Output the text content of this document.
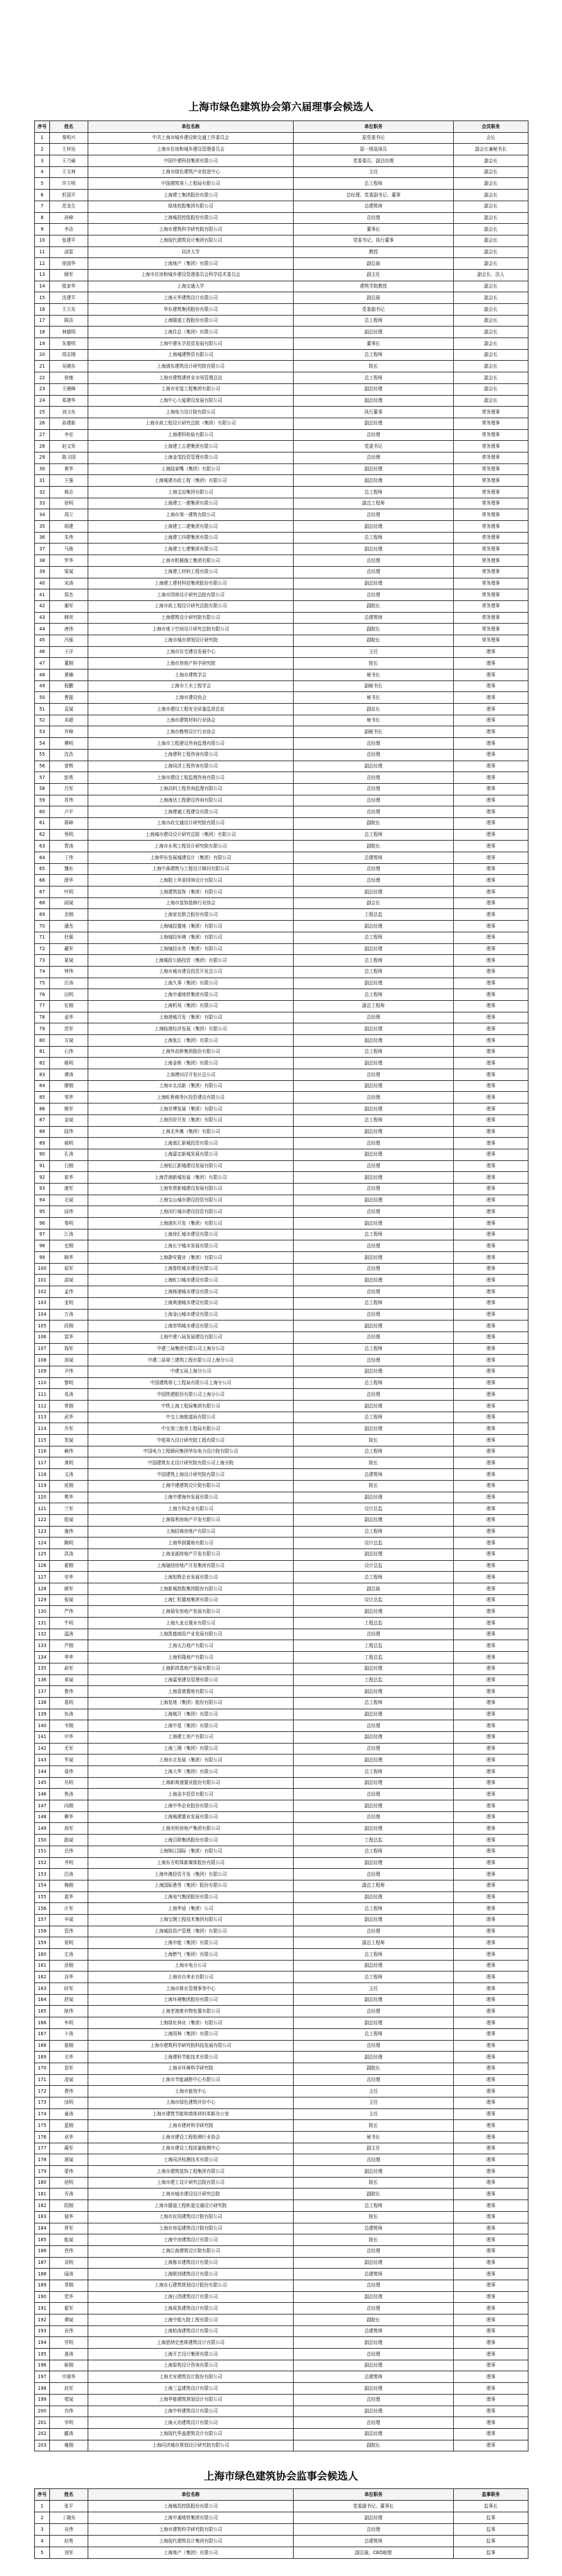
上海市绿色建筑协会第六届理事会候选人
序号	姓名	单位名称	单位职务	会员职务
1	秦明兴	中共上海市城乡建设和交通工作委员会	原党委书记	会长
2	王仲达	上海市住房和城乡建设管理委员会	原一级巡视员	副会长兼秘书长
3	王乃瑜	中国中建科技集团有限公司	党委委员、副总经理	副会长
4	王文林	上海市绿色建筑产业促进中心	主任	副会长
5	许立明	中国建筑第八工程局有限公司	总工程师	副会长
6	忻国平	上海建工集团股份有限公司	总经理、党委副书记、董事	副会长
7	范龙生	绿地控股集团有限公司	总建筑师	副会长
8	孙峰	上海城投控股股份有限公司	总经理	副会长
9	李洁	上海市建筑科学研究院有限公司	董事长	副会长
10	张建平	上海现代建筑设计集团有限公司	党委书记、执行董事	副会长
11	邵雷	同济大学	教授	副会长
12	徐国华	上海地产（集团）有限公司	副总裁	副会长
13	顾军	上海市住房和城乡建设管理委员会科学技术委员会	副主任	副会长、法人
14	殷家华	上海交通大学	建筑学院教授	副会长
15	沈建平	上海天华建筑设计有限公司	副总裁	副会长
16	王立东	华东建筑集团股份有限公司	党委副书记	副会长
17	陈洁	上海隧道工程股份有限公司	总工程师	副会长
18	林德明	上海住总（集团）有限公司	副总经理	副会长
19	朱黎明	上海中建东孚投资发展有限公司	董事长	副会长
20	周志刚	上海城建物资有限公司	总工程师	副会长
21	吴晓东	上海浦东建筑设计研究院有限公司	院长	副会长
22	徐康	上海市建筑建材业市场管理总站	总工程师	副会长
23	王晓峰	上海市安装工程集团有限公司	副总经理	副会长
24	郑建华	上海中心大厦建设发展有限公司	副总经理	副会长
25	刘卫东	上海电力设计院有限公司	执行董事	常务理事
26	孙建新	上海市政工程设计研究总院（集团）有限公司	副总经理	常务理事
27	李宏	上海建科检验有限公司	总经理	常务理事
28	赵文军	上海建工五建集团有限公司	党委书记	常务理事
29	陈卫国	上海金茂投资管理有限公司	总经理	常务理事
30	黄华	上海陆家嘴（集团）有限公司	副总经理	常务理事
31	王强	上海城建市政工程（集团）有限公司	副总经理	常务理事
32	杨志	上海宝冶集团有限公司	总工程师	常务理事
33	徐明	上海建工一建集团有限公司	副总工程师	常务理事
34	周立	上海市第一建筑有限公司	总经理	常务理事
35	胡建	上海建工二建集团有限公司	副总经理	常务理事
36	朱伟	上海建工四建集团有限公司	总工程师	常务理事
37	马骏	上海建工七建集团有限公司	副总经理	常务理事
38	罗华	上海市机械施工集团有限公司	总经理	常务理事
39	梁斌	上海建工材料工程有限公司	总经理	常务理事
40	宋涛	上海建工建材科技集团股份有限公司	副总经理	常务理事
41	郑杰	上海市园林设计研究总院有限公司	总经理	常务理事
42	谢军	上海市政工程设计研究总院有限公司	副院长	常务理事
43	韩亮	上海建筑设计研究院有限公司	总建筑师	常务理事
44	唐伟	上海市地下空间设计研究总院有限公司	副院长	常务理事
45	冯强	上海市城市规划设计研究院	副院长	常务理事
46	于洋	上海市住宅建设发展中心	主任	理事
47	董刚	上海市房地产科学研究院	院长	理事
48	萧楠	上海市建筑学会	秘书长	理事
49	程鹏	上海市土木工程学会	副秘书长	理事
50	曹磊	上海市建设协会	秘书长	理事
51	袁斌	上海市建设工程安全质量监督总站	副站长	理事
52	邓超	上海市建筑材料行业协会	秘书长	理事
53	许峰	上海市勘察设计行业协会	副秘书长	理事
54	傅明	上海市工程建设咨询监理有限公司	总经理	理事
55	沈浩	上海建科工程咨询有限公司	总经理	理事
56	曾辉	上海同济工程咨询有限公司	副总经理	理事
57	彭勇	上海市建设工程监理咨询有限公司	总经理	理事
58	吕军	上海高科工程咨询监理有限公司	总经理	理事
59	苏伟	上海海达工程建设咨询有限公司	总经理	理事
60	卢平	上海建通工程建设有限公司	总经理	理事
61	蒋峰	上海市政交通设计研究院有限公司	副院长	理事
62	蔡明	上海城市建设设计研究总院（集团）有限公司	总工程师	理事
63	贾涛	上海市水利工程设计研究院有限公司	副院长	理事
64	丁伟	上海华东发展城建设计（集团）有限公司	总建筑师	理事
65	魏东	上海中森建筑与工程设计顾问有限公司	总经理	理事
66	薛华	上海院士风景园林设计有限公司	总经理	理事
67	叶明	上海建筑装饰（集团）有限公司	副总经理	理事
68	阎斌	上海市装饰装修行业协会	副会长	理事
69	余刚	上海家化联合股份有限公司	工程总监	理事
70	潘杰	上海城投置地（集团）有限公司	副总经理	理事
71	杜强	上海城投环境（集团）有限公司	总工程师	理事
72	戴军	上海城投水务（集团）有限公司	副总经理	理事
73	夏斌	上海城投公路投资（集团）有限公司	总工程师	理事
74	钟伟	上海市城市建设投资开发总公司	总工程师	理事
75	汪涛	上海久事（集团）有限公司	副总经理	理事
76	田明	上海申通地铁集团有限公司	总工程师	理事
77	任刚	上海机场（集团）有限公司	副总工程师	理事
78	姜华	上海港城开发（集团）有限公司	总经理	理事
79	范军	上海临港经济发展（集团）有限公司	副总经理	理事
80	方斌	上海张江（集团）有限公司	副总经理	理事
81	石伟	上海外高桥集团股份有限公司	总工程师	理事
82	姚明	上海金桥（集团）有限公司	副总经理	理事
83	谭涛	上海漕河泾开发区总公司	总经理	理事
84	廖刚	上海市北高新（集团）有限公司	副总经理	理事
85	邹华	上海虹桥商务区投资建设有限公司	总经理	理事
86	熊军	上海世博发展（集团）有限公司	副总经理	理事
87	金斌	上海西岸开发（集团）有限公司	总工程师	理事
88	陆伟	上海北外滩（集团）有限公司	副总经理	理事
89	郝明	上海南汇新城投资有限公司	总经理	理事
90	孔涛	上海嘉定新城发展有限公司	副总经理	理事
91	白刚	上海松江新城建设发展有限公司	总经理	理事
92	崔华	上海青浦新城发展（集团）有限公司	副总经理	理事
93	康军	上海奉贤新城建设发展有限公司	总经理	理事
94	毛斌	上海宝山城市建设投资有限公司	副总经理	理事
95	邱伟	上海闵行城市建设投资有限公司	总经理	理事
96	秦明	上海浦东开发（集团）有限公司	副总经理	理事
97	江涛	上海徐汇城市建设有限公司	总工程师	理事
98	史刚	上海长宁城市发展有限公司	总经理	理事
99	顾华	上海静安置业（集团）有限公司	副总经理	理事
100	侯军	上海普陀城市建设有限公司	总经理	理事
101	邵斌	上海虹口城市建设有限公司	副总经理	理事
102	孟伟	上海杨浦城市建设有限公司	总经理	理事
103	龙明	上海黄浦城市建设有限公司	总工程师	理事
104	万涛	上海金山城市建设有限公司	总经理	理事
105	段刚	上海崇明城市建设有限公司	副总经理	理事
106	雷华	上海中建八局发展建设有限公司	总经理	理事
107	钱军	中建三局集团有限公司上海分公司	总工程师	理事
108	汤斌	中建二局第三建筑工程有限公司上海分公司	总经理	理事
109	尹伟	中建五局上海分公司	副总经理	理事
110	黎明	中国建筑第七工程局有限公司上海分公司	总工程师	理事
111	易涛	中国铁建股份有限公司上海分公司	总经理	理事
112	常刚	中铁上海工程局集团有限公司	副总经理	理事
113	武华	中交上海航道局有限公司	总工程师	理事
114	乔军	中交第三航务工程局有限公司	副总经理	理事
115	贺斌	中船第九设计研究院工程有限公司	院长	理事
116	赖伟	中国电力工程顾问集团华东电力设计院有限公司	总工程师	理事
117	龚明	中国建筑东北设计研究院有限公司上海分院	院长	理事
118	文涛	中国建筑上海设计研究院有限公司	总建筑师	理事
119	庞刚	上海中建建筑设计院有限公司	院长	理事
120	樊华	上海中建海外发展有限公司	副总经理	理事
121	兰军	上海万科企业有限公司	设计总监	理事
122	殷斌	上海保利房地产开发有限公司	副总经理	理事
123	施伟	上海招商房地产有限公司	总工程师	理事
124	陶明	上海华润置地有限公司	设计总监	理事
125	洪涛	上海龙湖房地产开发有限公司	副总经理	理事
126	翟刚	上海融创房地产开发集团有限公司	设计总监	理事
127	安华	上海旭辉企业发展有限公司	总工程师	理事
128	颜军	上海新城控股集团股份有限公司	副总裁	理事
129	倪斌	上海仁恒置地集团有限公司	设计总监	理事
130	严伟	上海瑞安房地产发展有限公司	副总经理	理事
131	牛明	上海九龙仓置业有限公司	工程总监	理事
132	温涛	上海凯德商用产业发展有限公司	总经理	理事
133	芦刚	上海太古地产有限公司	工程总监	理事
134	季华	上海恒隆地产有限公司	工程总监	理事
135	俞军	上海新鸿基地产发展有限公司	副总经理	理事
136	章斌	上海嘉里建设管理有限公司	工程总监	理事
137	鲁伟	上海香港置地有限公司	副总经理	理事
138	葛明	上海复地（集团）股份有限公司	总工程师	理事
139	伍涛	上海城开（集团）有限公司	副总经理	理事
140	韦刚	上海中星（集团）有限公司	总经理	理事
141	申华	上海建工房产有限公司	副总经理	理事
142	尤军	上海三湘（集团）有限公司	总经理	理事
143	毕斌	上海市北发展（集团）有限公司	副总经理	理事
144	聂伟	上海大华（集团）有限公司	总工程师	理事
145	丛明	上海新黄浦置业股份有限公司	副总经理	理事
146	焦涛	上海金丰投资有限公司	总经理	理事
147	向刚	上海中华企业股份有限公司	副总经理	理事
148	柳华	上海城建置业发展有限公司	总经理	理事
149	邢军	上海光明房地产集团有限公司	副总经理	理事
150	路斌	上海百联集团股份有限公司	工程总监	理事
151	岳伟	上海锦江国际（集团）有限公司	总工程师	理事
152	齐明	上海东方明珠新媒体股份有限公司	副总经理	理事
153	沿涛	上海外滩投资开发（集团）有限公司	总经理	理事
154	梅刚	上海国际港务（集团）股份有限公司	副总工程师	理事
155	莫华	上海电气集团股份有限公司	副总经理	理事
156	庄军	上海华谊（集团）公司	总工程师	理事
157	辛斌	上海宝钢工程技术集团有限公司	副总经理	理事
158	管伟	上海城投资产管理（集团）有限公司	总经理	理事
159	祝明	上海申能（集团）有限公司	副总工程师	理事
160	左涛	上海燃气（集团）有限公司	总工程师	理事
161	涂刚	上海市电力公司	副总经理	理事
162	谷华	上海市自来水有限公司	总工程师	理事
163	时军	上海市排水管理事务中心	主任	理事
164	舒斌	上海环境集团股份有限公司	副总经理	理事
165	耿伟	上海老港废弃物处置有限公司	总经理	理事
166	牟明	上海绿化林业（集团）有限公司	副总经理	理事
167	卜涛	上海园林（集团）有限公司	总工程师	理事
168	詹刚	上海市建筑科学研究院科技发展有限公司	总经理	理事
169	关华	上海建科节能技术有限公司	副总经理	理事
170	苗军	上海市环境科学研究院	副院长	理事
171	凌斌	上海市节能减排中心有限公司	总经理	理事
172	费伟	上海市能效中心	主任	理事
173	邰明	上海市绿色建筑评价中心	主任	理事
174	童涛	上海市建筑节能和墙体材料革新办公室	主任	理事
175	蓝刚	上海市建材科学研究院	院长	理事
176	卓华	上海市建设工程检测行业协会	秘书长	理事
177	蔺军	上海市建设工程质量检测中心	副主任	理事
178	屠斌	上海同济检测技术有限公司	总经理	理事
179	蒙伟	上海市建筑装饰工程集团有限公司	副总经理	理事
180	池明	上海市建工设计研究总院有限公司	院长	理事
181	乔涛	上海市城市建设设计研究总院	副院长	理事
182	阴刚	上海市隧道工程轨道交通设计研究院	总工程师	理事
183	郁华	上海市民用建筑设计院有限公司	院长	理事
184	胥军	上海市房屋建筑设计院有限公司	总建筑师	理事
185	能斌	上海中房建筑设计有限公司	院长	理事
186	苍伟	上海江南建筑设计院有限公司	总经理	理事
187	双明	上海都市建筑设计有限公司	副总经理	理事
188	闻涛	上海联创建筑设计有限公司	总建筑师	理事
189	莘刚	上海水石建筑规划设计股份有限公司	总经理	理事
190	党华	上海日清建筑设计有限公司	副总经理	理事
191	翟军	上海成执建筑设计有限公司	总经理	理事
192	谭斌	上海中船九院工程有限公司	副院长	理事
193	贡伟	上海柏涛建筑设计有限公司	总建筑师	理事
194	劳明	上海思纳史密斯建筑设计有限公司	副总经理	理事
195	逄涛	上海开艺设计集团有限公司	总经理	理事
196	姬刚	上海原构设计咨询有限公司	副总经理	理事
197	申屠华	上海尤安建筑设计股份有限公司	总建筑师	理事
198	扶军	上海三益建筑设计有限公司	副总经理	理事
199	堵斌	上海华都建筑规划设计有限公司	总经理	理事
200	冉伟	上海中梓建筑设计有限公司	副总经理	理事
201	宰明	上海天功建筑设计有限公司	总经理	理事
202	郦涛	上海现代华盖建筑设计有限公司	副总经理	理事
203	雍刚	上海同济城市规划设计研究院有限公司	副院长	理事
上海市绿色建筑协会监事会候选人
序号	姓名	单位名称	单位职务	监事职务
1	张平	上海城投控股股份有限公司	党委副书记、董事长	监事长
2	丁晓东	上海申通地铁集团有限公司	副总经理	监事
3	吴伟	上海市建筑科学研究院有限公司	总经理	监事
4	赵勇	上海现代建筑设计集团有限公司	总建筑师	监事
5	刘军	上海地产（集团）有限公司	副总裁、CEO助理	监事
